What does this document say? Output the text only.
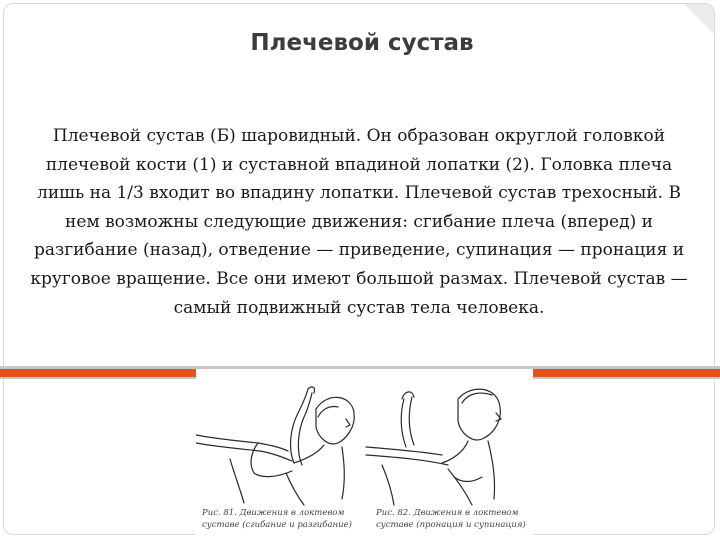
Плечевой сустав

Плечевой сустав (Б) шаровидный. Он образован округлой головкой плечевой кости (1) и суставной впадиной лопатки (2). Головка плеча лишь на 1/3 входит во впадину лопатки. Плечевой сустав трехосный. В нем возможны следующие движения: сгибание плеча (вперед) и разгибание (назад), отведение — приведение, супинация — пронация и круговое вращение. Все они имеют большой размах. Плечевой сустав — самый подвижный сустав тела человека.

Рис. 81. Движения в локтевом
суставе (сгибание и разгибание)
Рис. 82. Движения в локтевом
суставе (пронация и супинация)
